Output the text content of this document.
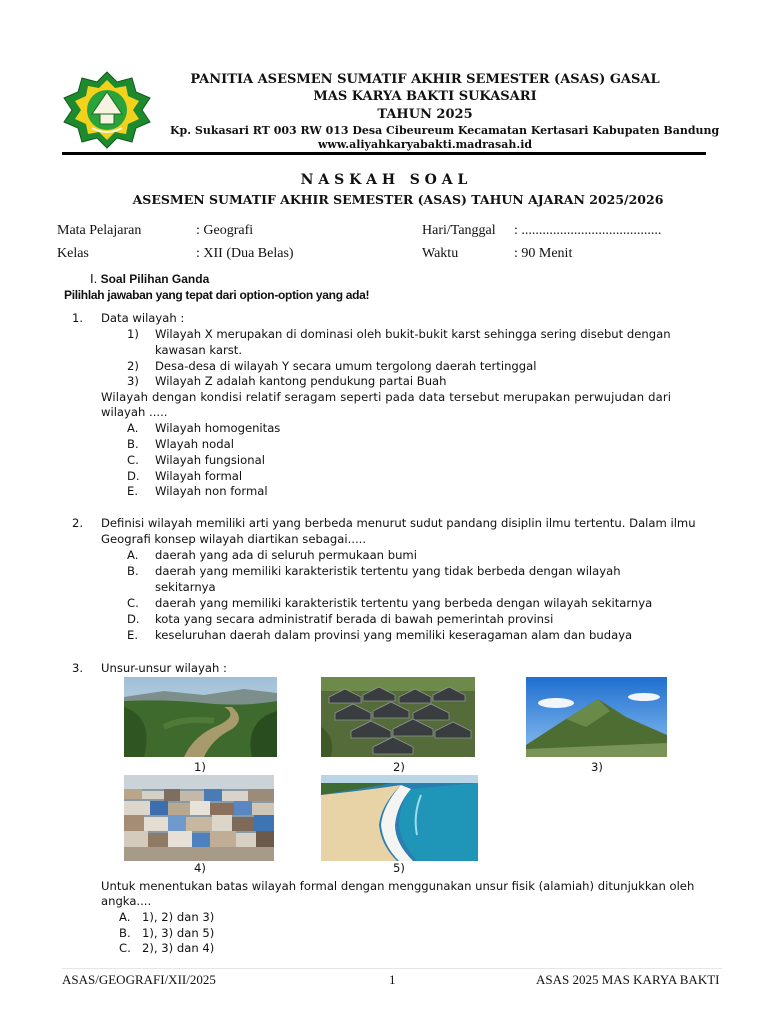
PANITIA ASESMEN SUMATIF AKHIR SEMESTER (ASAS) GASAL
MAS KARYA BAKTI SUKASARI
TAHUN 2025
Kp. Sukasari RT 003 RW 013 Desa Cibeureum Kecamatan Kertasari Kabupaten Bandung
www.aliyahkaryabakti.madrasah.id
N A S K A H   S O A L
ASESMEN SUMATIF AKHIR SEMESTER (ASAS) TAHUN AJARAN 2025/2026
Mata Pelajaran	: Geografi
Kelas	: XII (Dua Belas)
Hari/Tanggal : ........................................
Waktu	: 90 Menit
I. Soal Pilihan Ganda
Pilihlah jawaban yang tepat dari option-option yang ada!
1. Data wilayah :
1) Wilayah X merupakan di dominasi oleh bukit-bukit karst sehingga sering disebut dengan
kawasan karst.
2) Desa-desa di wilayah Y secara umum tergolong daerah tertinggal
3) Wilayah Z adalah kantong pendukung partai Buah
Wilayah dengan kondisi relatif seragam seperti pada data tersebut merupakan perwujudan dari
wilayah .....
A. Wilayah homogenitas
B. Wlayah nodal
C. Wilayah fungsional
D. Wilayah formal
E. Wilayah non formal
2. Definisi wilayah memiliki arti yang berbeda menurut sudut pandang disiplin ilmu tertentu. Dalam ilmu
Geografi konsep wilayah diartikan sebagai.....
A. daerah yang ada di seluruh permukaan bumi
B. daerah yang memiliki karakteristik tertentu yang tidak berbeda dengan wilayah
sekitarnya
C. daerah yang memiliki karakteristik tertentu yang berbeda dengan wilayah sekitarnya
D. kota yang secara administratif berada di bawah pemerintah provinsi
E. keseluruhan daerah dalam provinsi yang memiliki keseragaman alam dan budaya
3. Unsur-unsur wilayah :
1)	2)	3)
4)	5)
Untuk menentukan batas wilayah formal dengan menggunakan unsur fisik (alamiah) ditunjukkan oleh
angka....
A. 1), 2) dan 3)
B. 1), 3) dan 5)
C. 2), 3) dan 4)
ASAS/GEOGRAFI/XII/2025	1	ASAS 2025 MAS KARYA BAKTI
